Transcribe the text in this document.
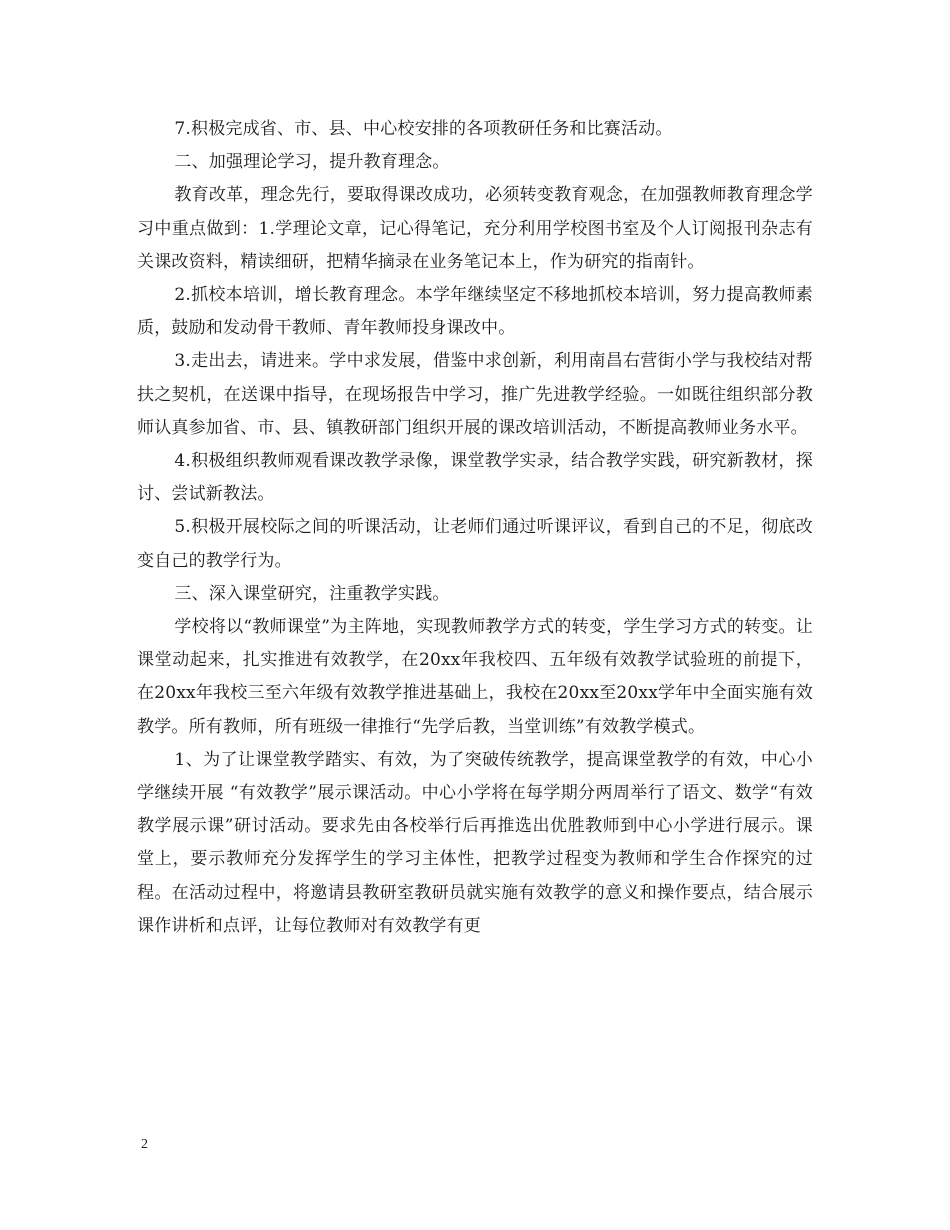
7.积极完成省、市、县、中心校安排的各项教研任务和比赛活动。

二、加强理论学习，提升教育理念。

教育改革，理念先行，要取得课改成功，必须转变教育观念，在加强教师教育理念学习中重点做到：1.学理论文章，记心得笔记，充分利用学校图书室及个人订阅报刊杂志有关课改资料，精读细研，把精华摘录在业务笔记本上，作为研究的指南针。

2.抓校本培训，增长教育理念。本学年继续坚定不移地抓校本培训，努力提高教师素质，鼓励和发动骨干教师、青年教师投身课改中。

3.走出去，请进来。学中求发展，借鉴中求创新，利用南昌右营街小学与我校结对帮扶之契机，在送课中指导，在现场报告中学习，推广先进教学经验。一如既往组织部分教师认真参加省、市、县、镇教研部门组织开展的课改培训活动，不断提高教师业务水平。

4.积极组织教师观看课改教学录像，课堂教学实录，结合教学实践，研究新教材，探讨、尝试新教法。

5.积极开展校际之间的听课活动，让老师们通过听课评议，看到自己的不足，彻底改变自己的教学行为。

三、深入课堂研究，注重教学实践。

学校将以“教师课堂”为主阵地，实现教师教学方式的转变，学生学习方式的转变。让课堂动起来，扎实推进有效教学，在20xx年我校四、五年级有效教学试验班的前提下，在20xx年我校三至六年级有效教学推进基础上，我校在20xx至20xx学年中全面实施有效教学。所有教师，所有班级一律推行“先学后教，当堂训练”有效教学模式。

1、为了让课堂教学踏实、有效，为了突破传统教学，提高课堂教学的有效，中心小学继续开展 “有效教学”展示课活动。中心小学将在每学期分两周举行了语文、数学“有效教学展示课”研讨活动。要求先由各校举行后再推选出优胜教师到中心小学进行展示。课堂上，要示教师充分发挥学生的学习主体性，把教学过程变为教师和学生合作探究的过程。在活动过程中，将邀请县教研室教研员就实施有效教学的意义和操作要点，结合展示课作讲析和点评，让每位教师对有效教学有更

2
